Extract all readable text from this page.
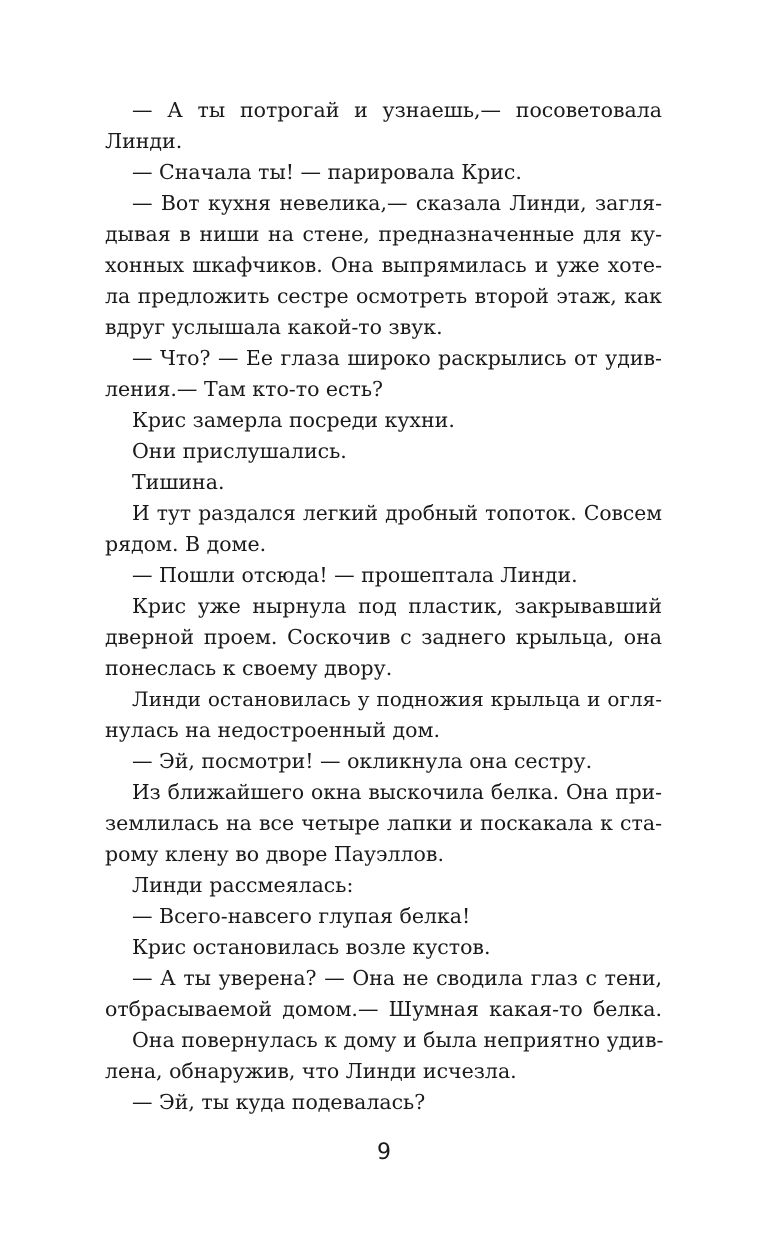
— А ты потрогай и узнаешь,— посоветовала
Линди.
— Сначала ты! — парировала Крис.
— Вот кухня невелика,— сказала Линди, загля-
дывая в ниши на стене, предназначенные для ку-
хонных шкафчиков. Она выпрямилась и уже хоте-
ла предложить сестре осмотреть второй этаж, как
вдруг услышала какой-то звук.
— Что? — Ее глаза широко раскрылись от удив-
ления.— Там кто-то есть?
Крис замерла посреди кухни.
Они прислушались.
Тишина.
И тут раздался легкий дробный топоток. Совсем
рядом. В доме.
— Пошли отсюда! — прошептала Линди.
Крис уже нырнула под пластик, закрывавший
дверной проем. Соскочив с заднего крыльца, она
понеслась к своему двору.
Линди остановилась у подножия крыльца и огля-
нулась на недостроенный дом.
— Эй, посмотри! — окликнула она сестру.
Из ближайшего окна выскочила белка. Она при-
землилась на все четыре лапки и поскакала к ста-
рому клену во дворе Пауэллов.
Линди рассмеялась:
— Всего-навсего глупая белка!
Крис остановилась возле кустов.
— А ты уверена? — Она не сводила глаз с тени,
отбрасываемой домом.— Шумная какая-то белка.
Она повернулась к дому и была неприятно удив-
лена, обнаружив, что Линди исчезла.
— Эй, ты куда подевалась?
9
